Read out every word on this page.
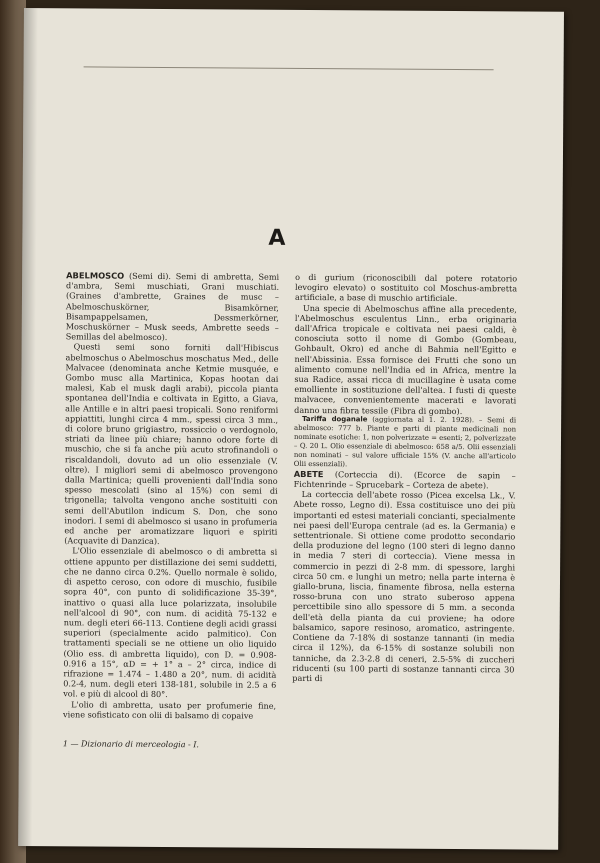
A

ABELMOSCO (Semi di). Semi di ambretta, Semi d'ambra, Semi muschiati, Grani muschiati. (Graines d'ambrette, Graines de musc – Abelmoschuskörner, Bisamkörner, Bisampappelsamen, Dessmerkörner, Moschuskörner – Musk seeds, Ambrette seeds – Semillas del abelmosco).

Questi semi sono forniti dall'Hibiscus abelmoschus o Abelmoschus moschatus Med., delle Malvacee (denominata anche Ketmie musquée, e Gombo musc alla Martinica, Kopas hootan dai malesi, Kab el musk dagli arabi), piccola pianta spontanea dell'India e coltivata in Egitto, a Giava, alle Antille e in altri paesi tropicali. Sono reniformi appiattiti, lunghi circa 4 mm., spessi circa 3 mm., di colore bruno grigiastro, rossiccio o verdognolo, striati da linee più chiare; hanno odore forte di muschio, che si fa anche più acuto strofinandoli o riscaldandoli, dovuto ad un olio essenziale (V. oltre). I migliori semi di abelmosco provengono dalla Martinica; quelli provenienti dall'India sono spesso mescolati (sino al 15%) con semi di trigonella; talvolta vengono anche sostituiti con semi dell'Abutilon indicum S. Don, che sono inodori. I semi di abelmosco si usano in profumeria ed anche per aromatizzare liquori e spiriti (Acquavite di Danzica).

L'Olio essenziale di abelmosco o di ambretta si ottiene appunto per distillazione dei semi suddetti, che ne danno circa 0.2%. Quello normale è solido, di aspetto ceroso, con odore di muschio, fusibile sopra 40°, con punto di solidificazione 35-39°, inattivo o quasi alla luce polarizzata, insolubile nell'alcool di 90°, con num. di acidità 75-132 e num. degli eteri 66-113. Contiene degli acidi grassi superiori (specialmente acido palmitico). Con trattamenti speciali se ne ottiene un olio liquido (Olio ess. di ambretta liquido), con D. = 0.908-0.916 a 15°, αD = + 1° a – 2° circa, indice di rifrazione = 1.474 – 1.480 a 20°, num. di acidità 0.2-4, num. degli eteri 138-181, solubile in 2.5 a 6 vol. e più di alcool di 80°.

L'olio di ambretta, usato per profumerie fine, viene sofisticato con olii di balsamo di copaive

o di gurium (riconoscibili dal potere rotatorio levogiro elevato) o sostituito col Moschus-ambretta artificiale, a base di muschio artificiale.

Una specie di Abelmoschus affine alla precedente, l'Abelmoschus esculentus Linn., erba originaria dall'Africa tropicale e coltivata nei paesi caldi, è conosciuta sotto il nome di Gombo (Gombeau, Gohbault, Okro) ed anche di Bahmia nell'Egitto e nell'Abissinia. Essa fornisce dei Frutti che sono un alimento comune nell'India ed in Africa, mentre la sua Radice, assai ricca di mucillagine è usata come emolliente in sostituzione dell'altea. I fusti di queste malvacee, convenientemente macerati e lavorati danno una fibra tessile (Fibra di gombo).

Tariffa doganale (aggiornata al 1. 2. 1928). – Semi di abelmosco: 777 b. Piante e parti di piante medicinali non nominate esotiche: 1, non polverizzate = esenti; 2, polverizzate – Q. 20 L. Olio essenziale di abelmosco: 658 a/5. Olii essenziali non nominati – sul valore ufficiale 15% (V. anche all'articolo Olii essenziali).

ABETE (Corteccia di). (Ecorce de sapin – Fichtenrinde – Sprucebark – Corteza de abete).

La corteccia dell'abete rosso (Picea excelsa Lk., V. Abete rosso, Legno di). Essa costituisce uno dei più importanti ed estesi materiali concianti, specialmente nei paesi dell'Europa centrale (ad es. la Germania) e settentrionale. Si ottiene come prodotto secondario della produzione del legno (100 steri di legno danno in media 7 steri di corteccia). Viene messa in commercio in pezzi di 2-8 mm. di spessore, larghi circa 50 cm. e lunghi un metro; nella parte interna è giallo-bruna, liscia, finamente fibrosa, nella esterna rosso-bruna con uno strato suberoso appena percettibile sino allo spessore di 5 mm. a seconda dell'età della pianta da cui proviene; ha odore balsamico, sapore resinoso, aromatico, astringente. Contiene da 7-18% di sostanze tannanti (in media circa il 12%), da 6-15% di sostanze solubili non tanniche, da 2.3-2.8 di ceneri, 2.5-5% di zuccheri riducenti (su 100 parti di sostanze tannanti circa 30 parti di

1 — Dizionario di merceologia - I.
